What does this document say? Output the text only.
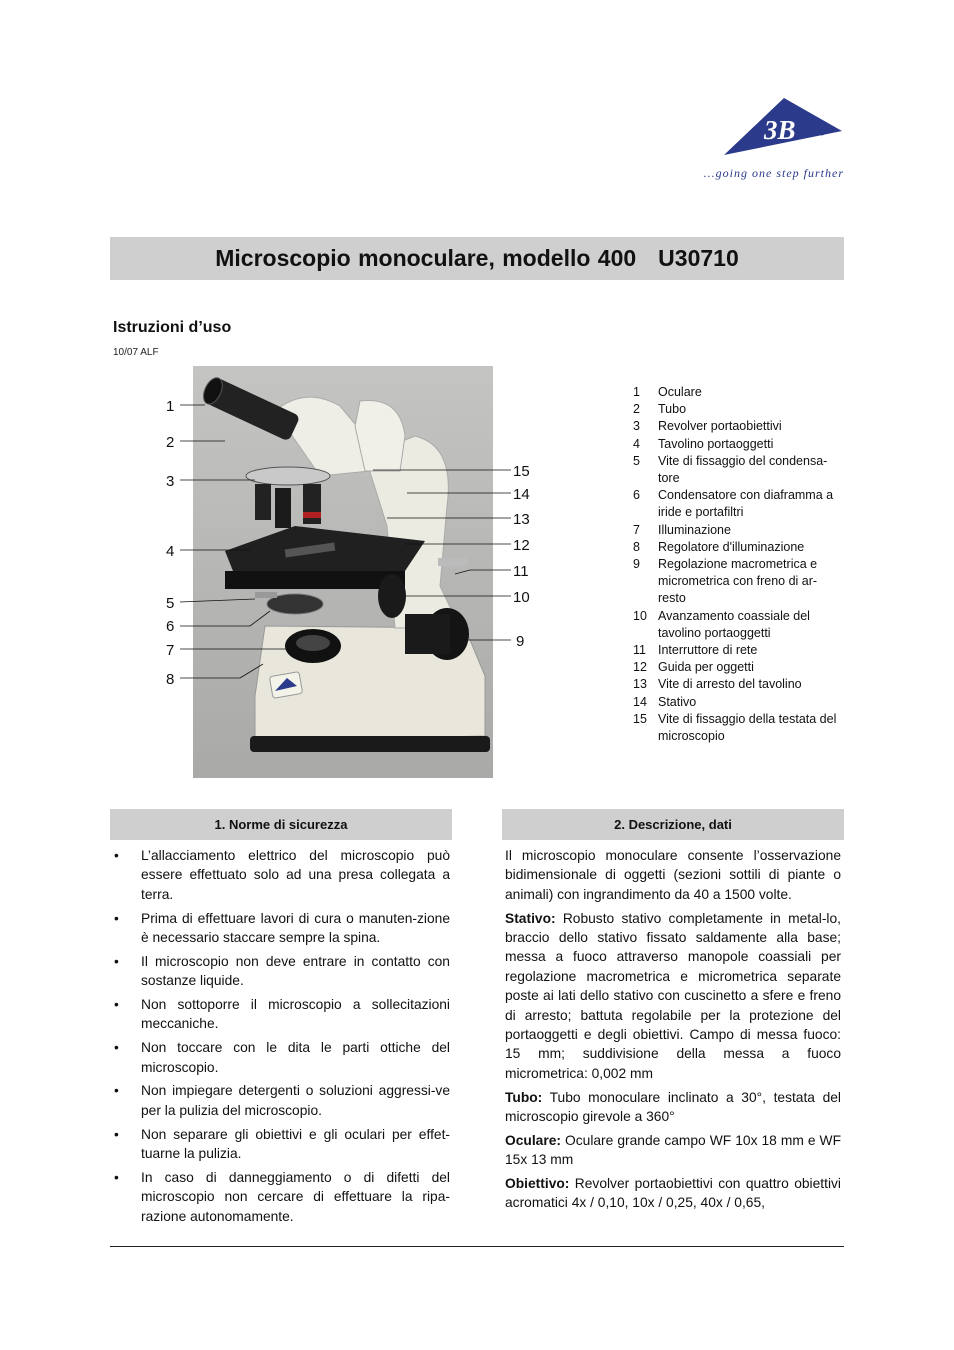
3B
...going one step further
Microscopio monoculare, modello 400 U30710
Istruzioni d’uso
10/07 ALF
1
2
3
4
5
6
7
8
15
14
13
12
11
10
9
1	Oculare
2	Tubo
3	Revolver portaobiettivi
4	Tavolino portaoggetti
5	Vite di fissaggio del condensa-tore
6	Condensatore con diaframma a iride e portafiltri
7	Illuminazione
8	Regolatore d'illuminazione
9	Regolazione macrometrica e micrometrica con freno di ar-resto
10 Avanzamento coassiale del tavolino portaoggetti
11 Interruttore di rete
12 Guida per oggetti
13 Vite di arresto del tavolino
14 Stativo
15 Vite di fissaggio della testata del microscopio
1. Norme di sicurezza	2. Descrizione, dati
• L’allacciamento elettrico del microscopio può essere effettuato solo ad una presa collegata a terra.
• Prima di effettuare lavori di cura o manuten-zione è necessario staccare sempre la spina.
• Il microscopio non deve entrare in contatto con sostanze liquide.
• Non sottoporre il microscopio a sollecitazioni meccaniche.
• Non toccare con le dita le parti ottiche del microscopio.
• Non impiegare detergenti o soluzioni aggressi-ve per la pulizia del microscopio.
• Non separare gli obiettivi e gli oculari per effet-tuarne la pulizia.
• In caso di danneggiamento o di difetti del microscopio non cercare di effettuare la ripa-razione autonomamente.

Il microscopio monoculare consente l’osservazione bidimensionale di oggetti (sezioni sottili di piante o animali) con ingrandimento da 40 a 1500 volte.

Stativo: Robusto stativo completamente in metal-lo, braccio dello stativo fissato saldamente alla base; messa a fuoco attraverso manopole coassiali per regolazione macrometrica e micrometrica separate poste ai lati dello stativo con cuscinetto a sfere e freno di arresto; battuta regolabile per la protezione del portaoggetti e degli obiettivi. Campo di messa fuoco: 15 mm; suddivisione della messa a fuoco micrometrica: 0,002 mm

Tubo: Tubo monoculare inclinato a 30°, testata del microscopio girevole a 360°

Oculare: Oculare grande campo WF 10x 18 mm e WF 15x 13 mm

Obiettivo: Revolver portaobiettivi con quattro obiettivi acromatici 4x / 0,10, 10x / 0,25, 40x / 0,65,
